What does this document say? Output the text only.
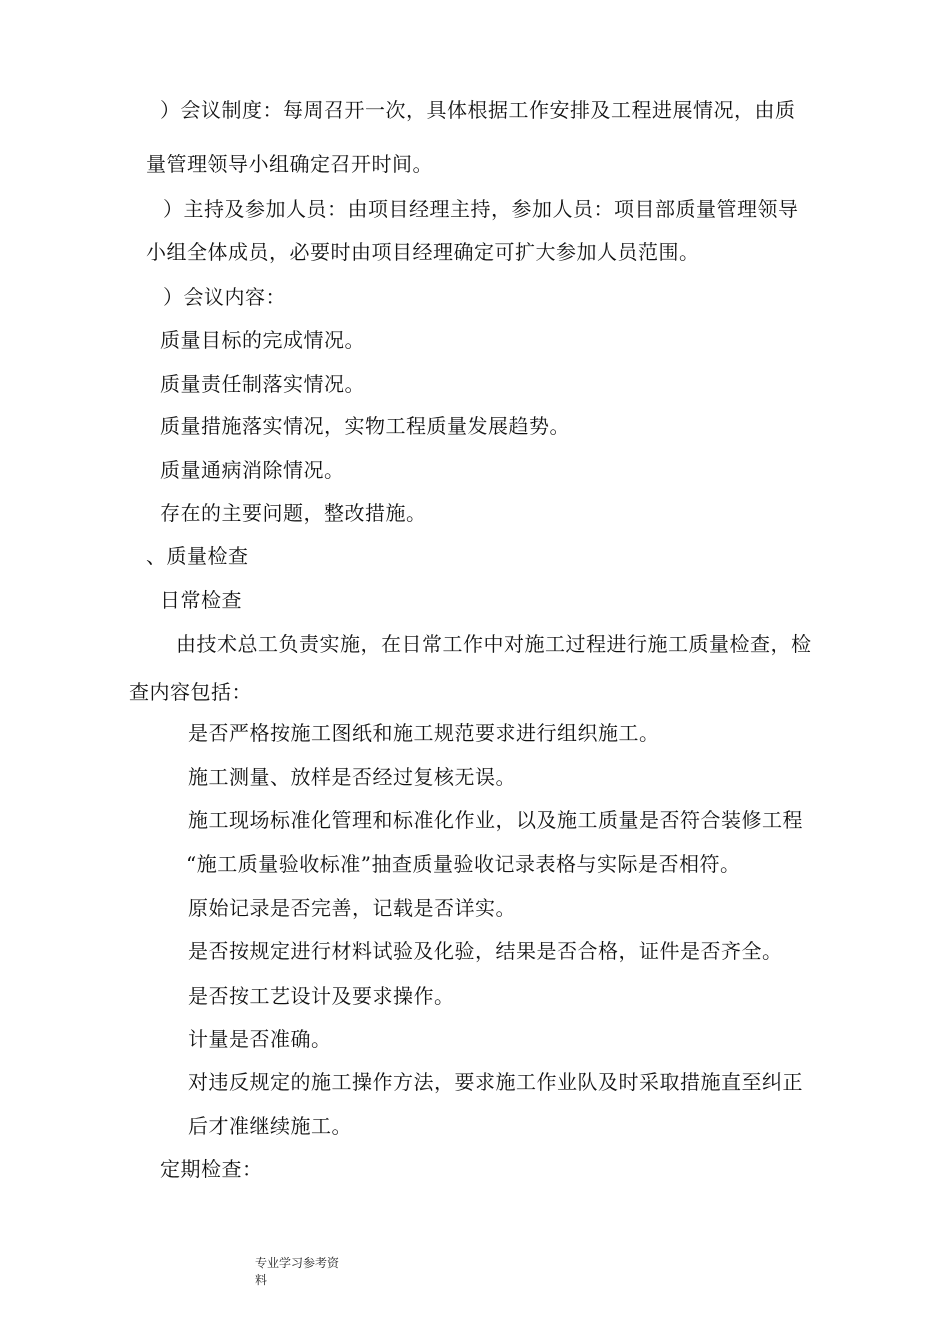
）会议制度：每周召开一次，具体根据工作安排及工程进展情况，由质
量管理领导小组确定召开时间。
）主持及参加人员：由项目经理主持，参加人员：项目部质量管理领导
小组全体成员，必要时由项目经理确定可扩大参加人员范围。
）会议内容：
质量目标的完成情况。
质量责任制落实情况。
质量措施落实情况，实物工程质量发展趋势。
质量通病消除情况。
存在的主要问题，整改措施。
、质量检查
日常检查
由技术总工负责实施，在日常工作中对施工过程进行施工质量检查，检
查内容包括：
是否严格按施工图纸和施工规范要求进行组织施工。
施工测量、放样是否经过复核无误。
施工现场标准化管理和标准化作业，以及施工质量是否符合装修工程
“施工质量验收标准”抽查质量验收记录表格与实际是否相符。
原始记录是否完善，记载是否详实。
是否按规定进行材料试验及化验，结果是否合格，证件是否齐全。
是否按工艺设计及要求操作。
计量是否准确。
对违反规定的施工操作方法，要求施工作业队及时采取措施直至纠正
后才准继续施工。
定期检查：
专业学习参考资
料
